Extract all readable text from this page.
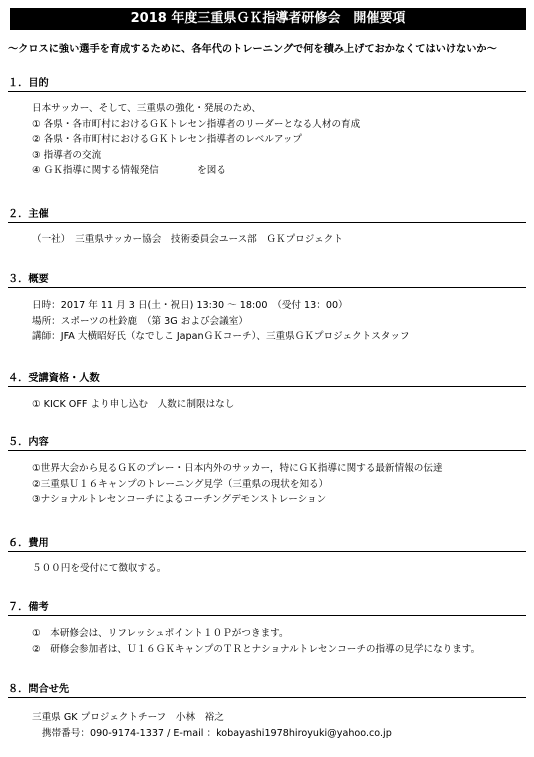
2018 年度三重県ＧＫ指導者研修会　開催要項
～クロスに強い選手を育成するために、各年代のトレーニングで何を積み上げておかなくてはいけないか～
１．目的
日本サッカー、そして、三重県の強化・発展のため、
① 各県・各市町村におけるＧＫトレセン指導者のリーダーとなる人材の育成
② 各県・各市町村におけるＧＫトレセン指導者のレベルアップ
③ 指導者の交流
④ ＧＫ指導に関する情報発信　　　　を図る
２．主催
（一社）　三重県サッカー協会　技術委員会ユース部　ＧＫプロジェクト
３．概要
日時：2017 年 11 月 3 日(土・祝日) 13:30 ～ 18:00　（受付 13：00）
場所：スポーツの杜鈴鹿　（第 3G および会議室）
講師：JFA 大横昭好氏（なでしこ JapanＧＫコーチ）、三重県ＧＫプロジェクトスタッフ
４．受講資格・人数
① KICK OFF より申し込む　人数に制限はなし
５．内容
①世界大会から見るＧＫのプレー・日本内外のサッカー，特にＧＫ指導に関する最新情報の伝達
②三重県Ｕ１６キャンプのトレーニング見学（三重県の現状を知る）
③ナショナルトレセンコーチによるコーチングデモンストレーション
６．費用
５００円を受付にて徴収する。
７．備考
①　本研修会は、リフレッシュポイント１０Ｐがつきます。
②　研修会参加者は、Ｕ１６ＧＫキャンプのＴＲとナショナルトレセンコーチの指導の見学になります。
８．問合せ先
三重県 GK プロジェクトチーフ　小林　裕之
携帯番号：090-9174-1337 / E-mail ：kobayashi1978hiroyuki@yahoo.co.jp
